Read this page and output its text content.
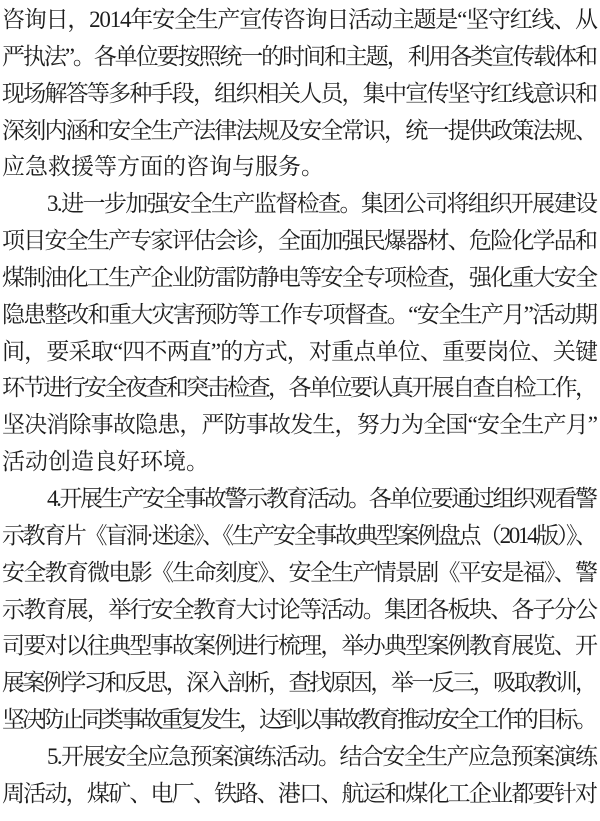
咨询日，2014年安全生产宣传咨询日活动主题是“坚守红线、从
严执法”。各单位要按照统一的时间和主题，利用各类宣传载体和
现场解答等多种手段，组织相关人员，集中宣传坚守红线意识和
深刻内涵和安全生产法律法规及安全常识，统一提供政策法规、
应急救援等方面的咨询与服务。
3.进一步加强安全生产监督检查。集团公司将组织开展建设
项目安全生产专家评估会诊，全面加强民爆器材、危险化学品和
煤制油化工生产企业防雷防静电等安全专项检查，强化重大安全
隐患整改和重大灾害预防等工作专项督查。“安全生产月”活动期
间，要采取“四不两直”的方式，对重点单位、重要岗位、关键
环节进行安全夜查和突击检查，各单位要认真开展自查自检工作，
坚决消除事故隐患，严防事故发生，努力为全国“安全生产月”
活动创造良好环境。
4.开展生产安全事故警示教育活动。各单位要通过组织观看警
示教育片《盲洞·迷途》、《生产安全事故典型案例盘点（2014版）》、
安全教育微电影《生命刻度》、安全生产情景剧《平安是福》、警
示教育展，举行安全教育大讨论等活动。集团各板块、各子分公
司要对以往典型事故案例进行梳理，举办典型案例教育展览、开
展案例学习和反思，深入剖析，查找原因，举一反三，吸取教训，
坚决防止同类事故重复发生，达到以事故教育推动安全工作的目标。
5.开展安全应急预案演练活动。结合安全生产应急预案演练
周活动，煤矿、电厂、铁路、港口、航运和煤化工企业都要针对
